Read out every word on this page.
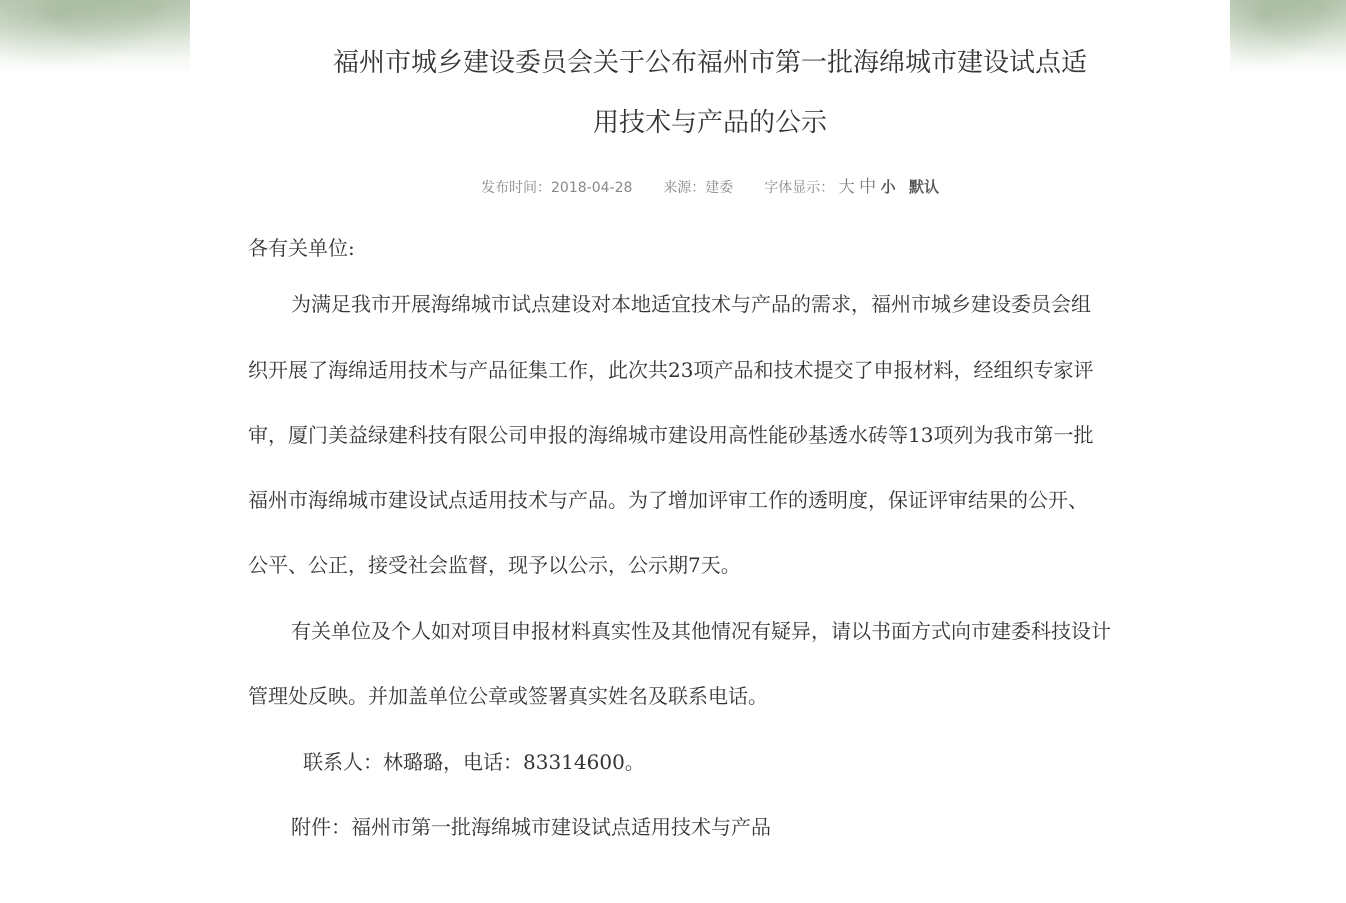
福州市城乡建设委员会关于公布福州市第一批海绵城市建设试点适
用技术与产品的公示
发布时间：2018-04-28 来源：建委 字体显示： 大 中 小 默认
各有关单位:
为满足我市开展海绵城市试点建设对本地适宜技术与产品的需求，福州市城乡建设委员会组
织开展了海绵适用技术与产品征集工作，此次共23项产品和技术提交了申报材料，经组织专家评
审，厦门美益绿建科技有限公司申报的海绵城市建设用高性能砂基透水砖等13项列为我市第一批
福州市海绵城市建设试点适用技术与产品。为了增加评审工作的透明度，保证评审结果的公开、
公平、公正，接受社会监督，现予以公示，公示期7天。
有关单位及个人如对项目申报材料真实性及其他情况有疑异，请以书面方式向市建委科技设计
管理处反映。并加盖单位公章或签署真实姓名及联系电话。
联系人：林璐璐，电话：83314600。
附件：福州市第一批海绵城市建设试点适用技术与产品
